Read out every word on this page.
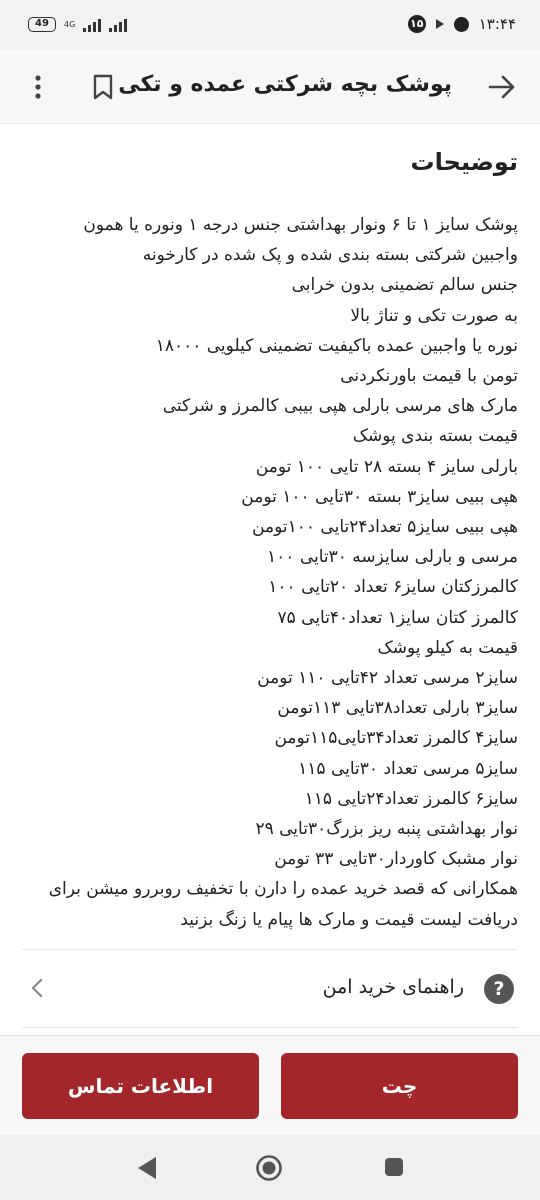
49	4G	۱۵	۱۳:۴۴
پوشک بچه شرکتی عمده و تکی
توضیحات
پوشک سایز ۱ تا ۶ ونوار بهداشتی جنس درجه ۱ ونوره یا همون
واجبین شرکتی بسته بندی شده و پک شده در کارخونه
جنس سالم تضمینی بدون خرابی
به صورت تکی و تناژ بالا
نوره یا واجبین عمده باکیفیت تضمینی کیلویی ۱۸۰۰۰
تومن با قیمت باورنکردنی
مارک های مرسی بارلی هپی بیبی کالمرز و شرکتی
قیمت بسته بندی پوشک
بارلی سایز ۴ بسته ۲۸ تایی ۱۰۰ تومن
هپی ببیی سایز۳ بسته ۳۰تایی ۱۰۰ تومن
هپی ببیی سایز۵ تعداد۲۴تایی ۱۰۰تومن
مرسی و بارلی سایزسه ۳۰تایی ۱۰۰
کالمرزکتان سایز۶ تعداد ۲۰تایی ۱۰۰
کالمرز کتان سایز۱ تعداد۴۰تایی ۷۵
قیمت به کیلو پوشک
سایز۲ مرسی تعداد ۴۲تایی ۱۱۰ تومن
سایز۳ بارلی تعداد۳۸تایی ۱۱۳تومن
سایز۴ کالمرز تعداد۳۴تایی۱۱۵تومن
سایز۵ مرسی تعداد ۳۰تایی ۱۱۵
سایز۶ کالمرز تعداد۲۴تایی ۱۱۵
نوار بهداشتی پنبه ریز بزرگ۳۰تایی ۲۹
نوار مشبک کاوردار۳۰تایی ۳۳ تومن
همکارانی که قصد خرید عمده را دارن با تخفیف روبررو میشن برای
دریافت لیست قیمت و مارک ها پیام یا زنگ بزنید
?
راهنمای خرید امن
چت
اطلاعات تماس
